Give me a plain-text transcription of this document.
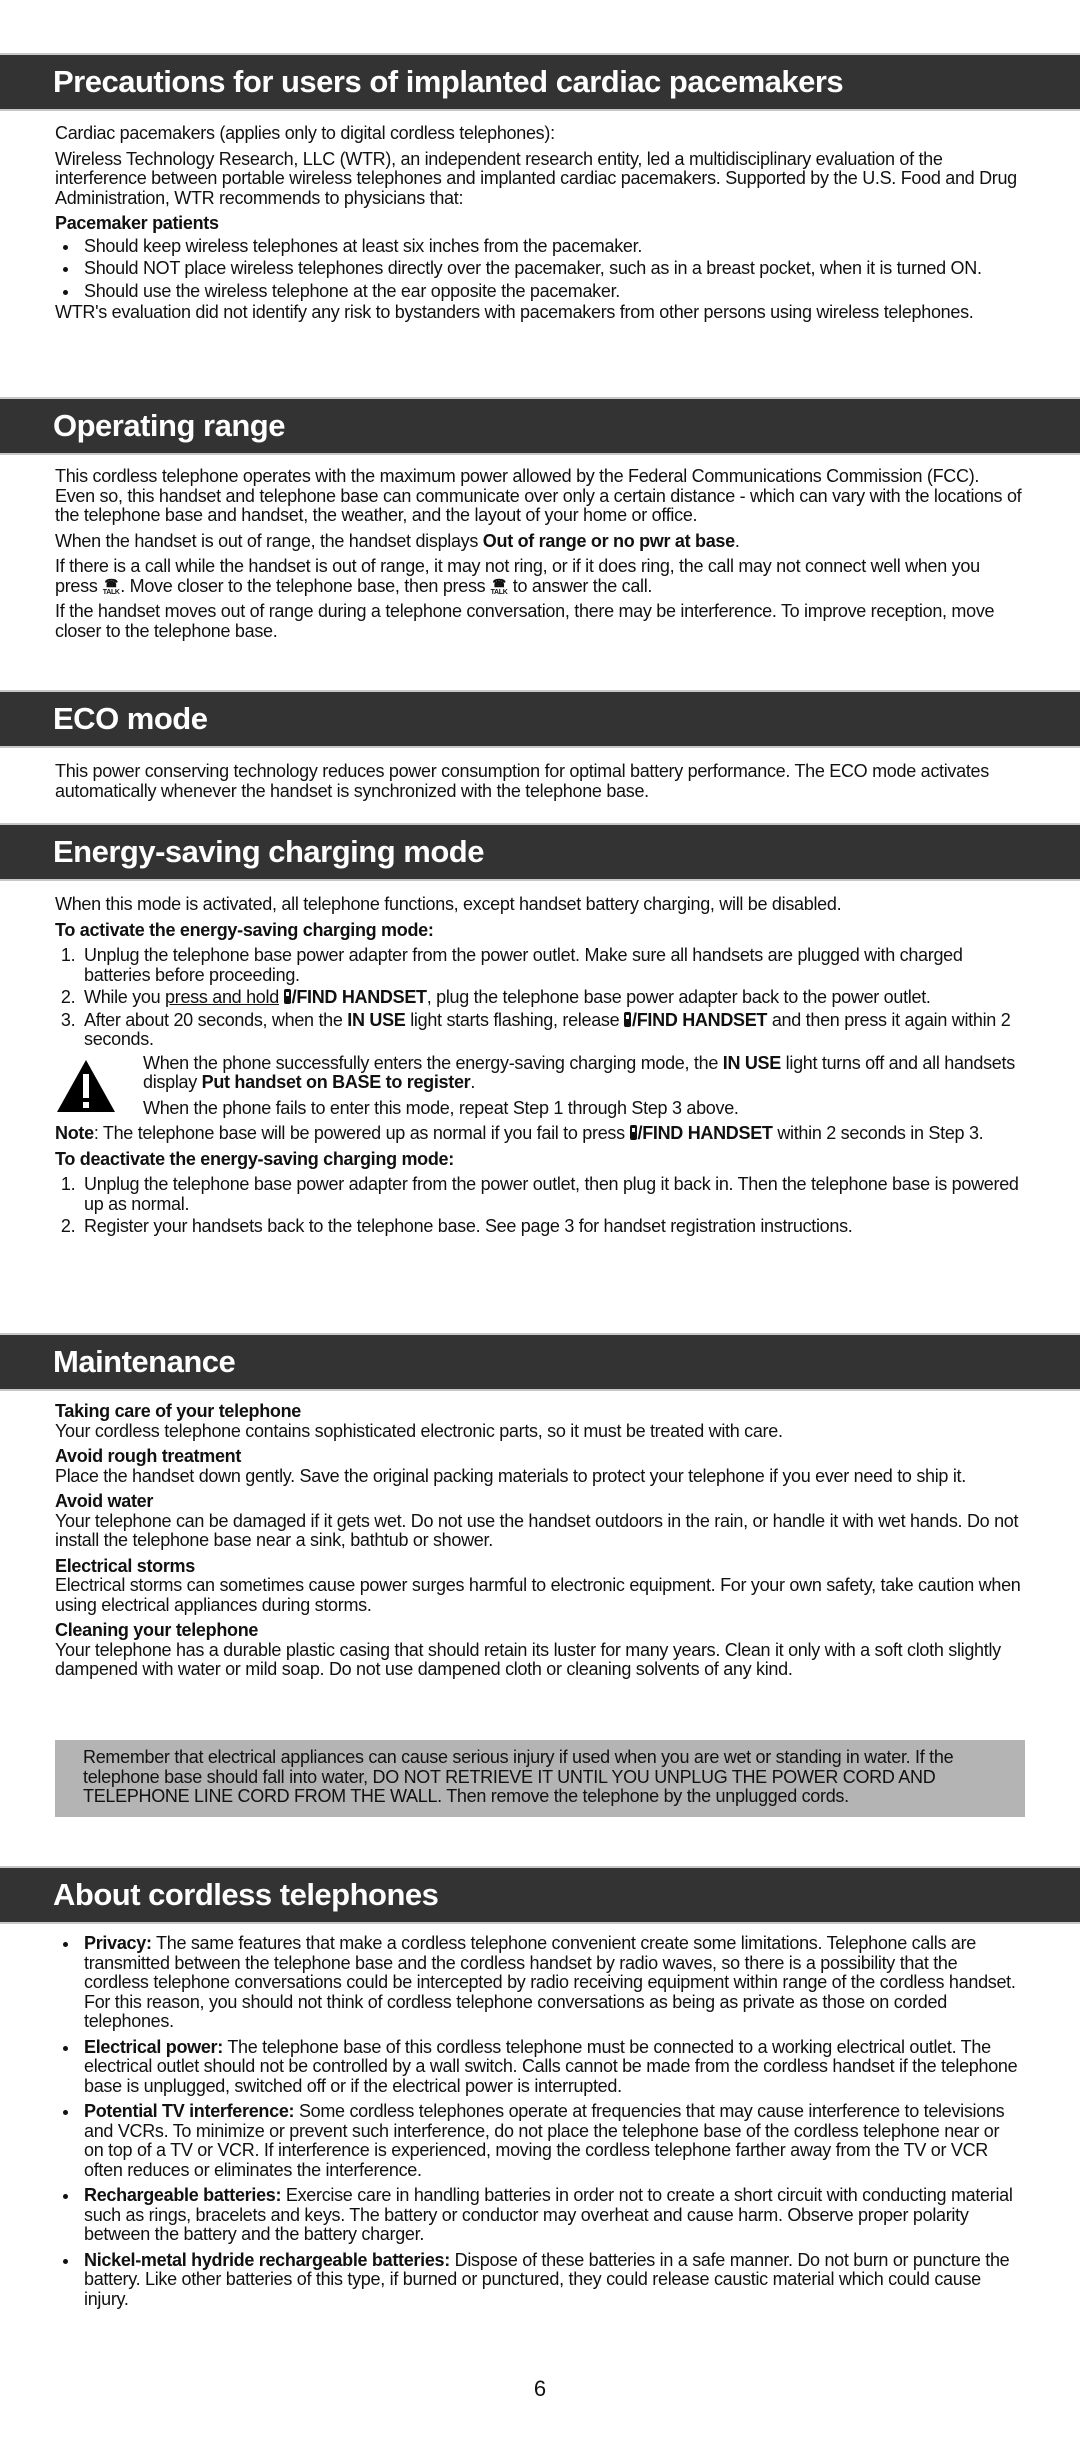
Precautions for users of implanted cardiac pacemakers

Cardiac pacemakers (applies only to digital cordless telephones):

Wireless Technology Research, LLC (WTR), an independent research entity, led a multidisciplinary evaluation of the interference between portable wireless telephones and implanted cardiac pacemakers. Supported by the U.S. Food and Drug Administration, WTR recommends to physicians that:

Pacemaker patients

• Should keep wireless telephones at least six inches from the pacemaker.
• Should NOT place wireless telephones directly over the pacemaker, such as in a breast pocket, when it is turned ON.
• Should use the wireless telephone at the ear opposite the pacemaker.

WTR's evaluation did not identify any risk to bystanders with pacemakers from other persons using wireless telephones.

Operating range

This cordless telephone operates with the maximum power allowed by the Federal Communications Commission (FCC). Even so, this handset and telephone base can communicate over only a certain distance - which can vary with the locations of the telephone base and handset, the weather, and the layout of your home or office.

When the handset is out of range, the handset displays Out of range or no pwr at base.

If there is a call while the handset is out of range, it may not ring, or if it does ring, the call may not connect well when you press ☎
TALK. Move closer to the telephone base, then press ☎
TALK to answer the call.

If the handset moves out of range during a telephone conversation, there may be interference. To improve reception, move closer to the telephone base.

ECO mode

This power conserving technology reduces power consumption for optimal battery performance. The ECO mode activates automatically whenever the handset is synchronized with the telephone base.

Energy-saving charging mode

When this mode is activated, all telephone functions, except handset battery charging, will be disabled.

To activate the energy-saving charging mode:

1. Unplug the telephone base power adapter from the power outlet. Make sure all handsets are plugged with charged batteries before proceeding.
2. While you press and hold /FIND HANDSET, plug the telephone base power adapter back to the power outlet.
3. After about 20 seconds, when the IN USE light starts flashing, release /FIND HANDSET and then press it again within 2 seconds.

When the phone successfully enters the energy-saving charging mode, the IN USE light turns off and all handsets display Put handset on BASE to register.

When the phone fails to enter this mode, repeat Step 1 through Step 3 above.

Note: The telephone base will be powered up as normal if you fail to press /FIND HANDSET within 2 seconds in Step 3.

To deactivate the energy-saving charging mode:

1. Unplug the telephone base power adapter from the power outlet, then plug it back in. Then the telephone base is powered up as normal.
2. Register your handsets back to the telephone base. See page 3 for handset registration instructions.
Maintenance

Taking care of your telephone

Your cordless telephone contains sophisticated electronic parts, so it must be treated with care.

Avoid rough treatment

Place the handset down gently. Save the original packing materials to protect your telephone if you ever need to ship it.

Avoid water

Your telephone can be damaged if it gets wet. Do not use the handset outdoors in the rain, or handle it with wet hands. Do not install the telephone base near a sink, bathtub or shower.

Electrical storms

Electrical storms can sometimes cause power surges harmful to electronic equipment. For your own safety, take caution when using electrical appliances during storms.

Cleaning your telephone

Your telephone has a durable plastic casing that should retain its luster for many years. Clean it only with a soft cloth slightly dampened with water or mild soap. Do not use dampened cloth or cleaning solvents of any kind.

Remember that electrical appliances can cause serious injury if used when you are wet or standing in water. If the telephone base should fall into water, DO NOT RETRIEVE IT UNTIL YOU UNPLUG THE POWER CORD AND TELEPHONE LINE CORD FROM THE WALL. Then remove the telephone by the unplugged cords.
About cordless telephones
• Privacy: The same features that make a cordless telephone convenient create some limitations. Telephone calls are transmitted between the telephone base and the cordless handset by radio waves, so there is a possibility that the cordless telephone conversations could be intercepted by radio receiving equipment within range of the cordless handset. For this reason, you should not think of cordless telephone conversations as being as private as those on corded telephones.
• Electrical power: The telephone base of this cordless telephone must be connected to a working electrical outlet. The electrical outlet should not be controlled by a wall switch. Calls cannot be made from the cordless handset if the telephone base is unplugged, switched off or if the electrical power is interrupted.
• Potential TV interference: Some cordless telephones operate at frequencies that may cause interference to televisions and VCRs. To minimize or prevent such interference, do not place the telephone base of the cordless telephone near or on top of a TV or VCR. If interference is experienced, moving the cordless telephone farther away from the TV or VCR often reduces or eliminates the interference.
• Rechargeable batteries: Exercise care in handling batteries in order not to create a short circuit with conducting material such as rings, bracelets and keys. The battery or conductor may overheat and cause harm. Observe proper polarity between the battery and the battery charger.
• Nickel-metal hydride rechargeable batteries: Dispose of these batteries in a safe manner. Do not burn or puncture the battery. Like other batteries of this type, if burned or punctured, they could release caustic material which could cause injury.
6
